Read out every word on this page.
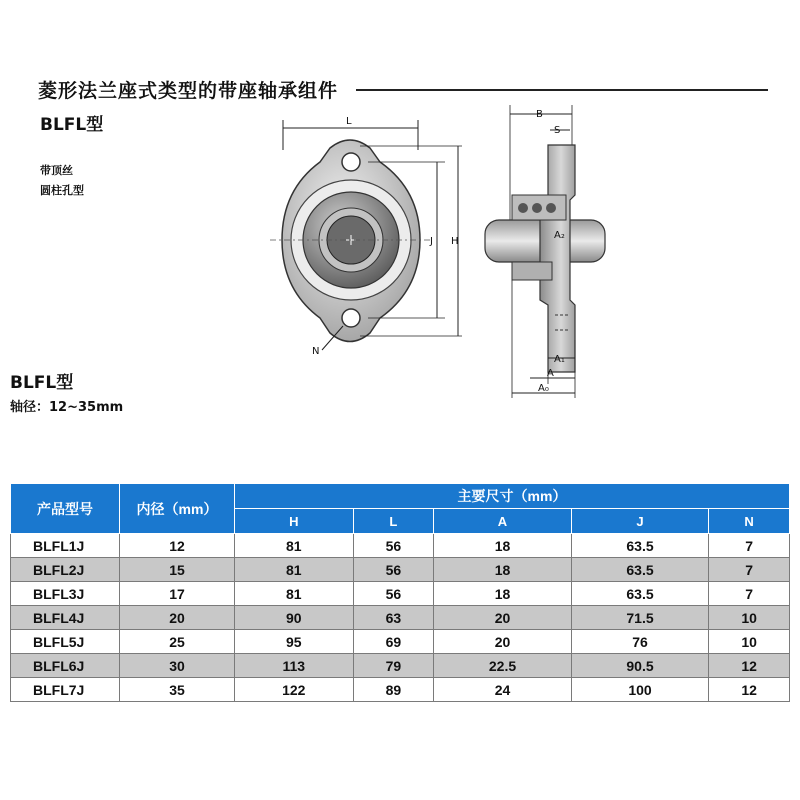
菱形法兰座式类型的带座轴承组件
BLFL型
带顶丝
圆柱孔型
BLFL型
轴径：12~35mm
L
J H
N
B
S
A₂
A₁
A
A₀
产品型号	内径（mm）	主要尺寸（mm）				
		H	L	A	J	N
BLFL1J	12	81	56	18	63.5	7
BLFL2J	15	81	56	18	63.5	7
BLFL3J	17	81	56	18	63.5	7
BLFL4J	20	90	63	20	71.5	10
BLFL5J	25	95	69	20	76	10
BLFL6J	30	113	79	22.5	90.5	12
BLFL7J	35	122	89	24	100	12
